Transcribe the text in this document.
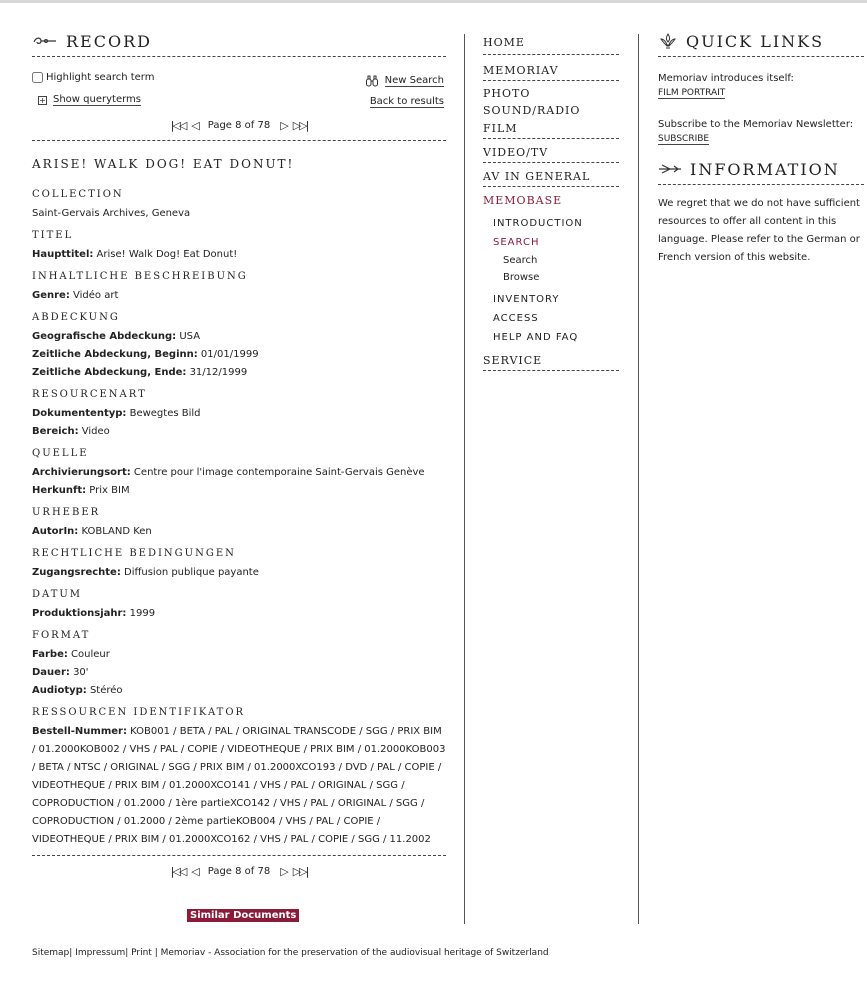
RECORD
Highlight search term	New Search
+ Show queryterms	Back to results
|◁◁ ◁ Page 8 of 78 ▷ ▷▷|
ARISE! WALK DOG! EAT DONUT!
COLLECTION
Saint-Gervais Archives, Geneva
TITEL
Haupttitel: Arise! Walk Dog! Eat Donut!
INHALTLICHE BESCHREIBUNG
Genre: Vidéo art
ABDECKUNG
Geografische Abdeckung: USA
Zeitliche Abdeckung, Beginn: 01/01/1999
Zeitliche Abdeckung, Ende: 31/12/1999
RESOURCENART
Dokumententyp: Bewegtes Bild
Bereich: Video
QUELLE
Archivierungsort: Centre pour l'image contemporaine Saint-Gervais Genève
Herkunft: Prix BIM
URHEBER
AutorIn: KOBLAND Ken
RECHTLICHE BEDINGUNGEN
Zugangsrechte: Diffusion publique payante
DATUM
Produktionsjahr: 1999
FORMAT
Farbe: Couleur
Dauer: 30'
Audiotyp: Stéréo
RESSOURCEN IDENTIFIKATOR
Bestell-Nummer: KOB001 / BETA / PAL / ORIGINAL TRANSCODE / SGG / PRIX BIM / 01.2000KOB002 / VHS / PAL / COPIE / VIDEOTHEQUE / PRIX BIM / 01.2000KOB003 / BETA / NTSC / ORIGINAL / SGG / PRIX BIM / 01.2000XCO193 / DVD / PAL / COPIE / VIDEOTHEQUE / PRIX BIM / 01.2000XCO141 / VHS / PAL / ORIGINAL / SGG / COPRODUCTION / 01.2000 / 1ère partieXCO142 / VHS / PAL / ORIGINAL / SGG / COPRODUCTION / 01.2000 / 2ème partieKOB004 / VHS / PAL / COPIE / VIDEOTHEQUE / PRIX BIM / 01.2000XCO162 / VHS / PAL / COPIE / SGG / 11.2002
|◁◁ ◁ Page 8 of 78 ▷ ▷▷|
Similar Documents
HOME
MEMORIAV
PHOTO
SOUND/RADIO
FILM
VIDEO/TV
AV IN GENERAL
MEMOBASE
INTRODUCTION
SEARCH
Search
Browse
INVENTORY
ACCESS
HELP AND FAQ
SERVICE
QUICK LINKS
Memoriav introduces itself:
FILM PORTRAIT
Subscribe to the Memoriav Newsletter:
SUBSCRIBE
INFORMATION
We regret that we do not have sufficient resources to offer all content in this language. Please refer to the German or French version of this website.
Sitemap| Impressum| Print | Memoriav - Association for the preservation of the audiovisual heritage of Switzerland
